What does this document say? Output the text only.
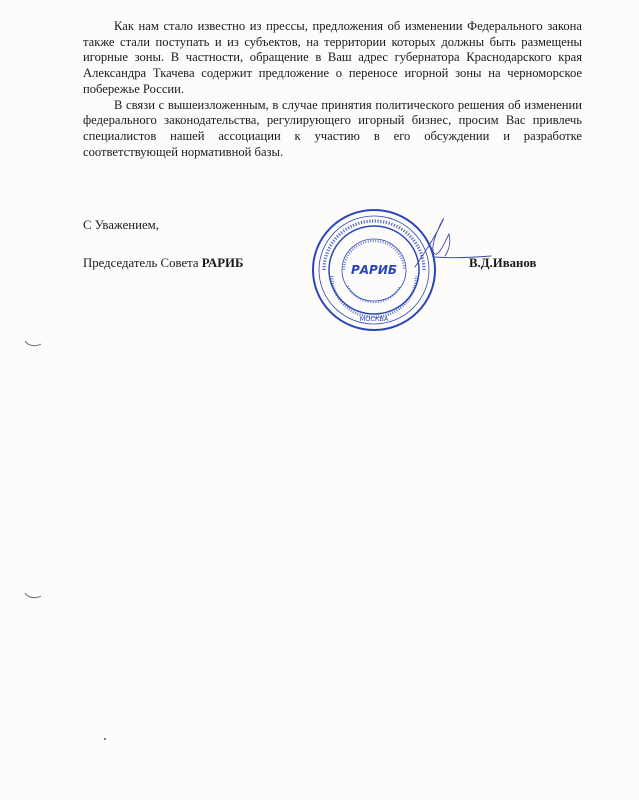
Как нам стало известно из прессы, предложения об изменении Федерального закона также стали поступать и из субъектов, на территории которых должны быть размещены игорные зоны. В частности, обращение в Ваш адрес губернатора Краснодарского края Александра Ткачева содержит предложение о переносе игорной зоны на черноморское побережье России.

В связи с вышеизложенным, в случае принятия политического решения об изменении федерального законодательства, регулирующего игорный бизнес, просим Вас привлечь специалистов нашей ассоциации к участию в его обсуждении и разработке соответствующей нормативной базы.

С Уважением,
Председатель Совета РАРИБ	В.Д.Иванов
РАРИБ
МОСКВА
